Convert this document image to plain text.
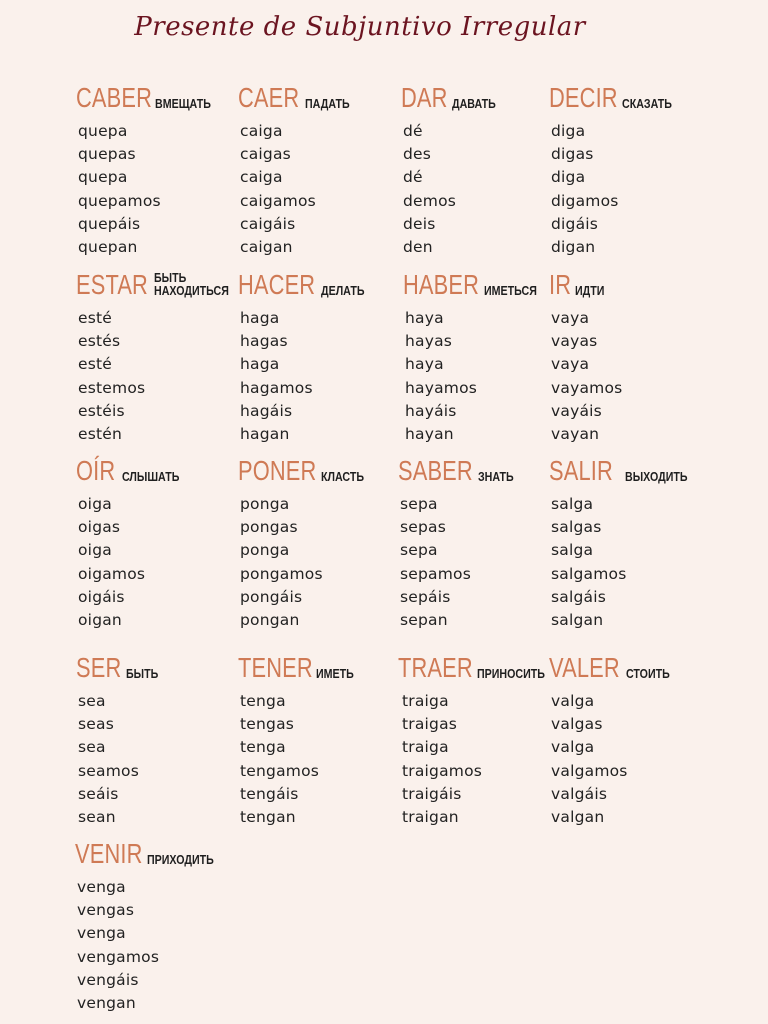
Presente de Subjuntivo Irregular
CABER ВМЕЩАТЬ
quepa
quepas
quepa
quepamos
quepáis
quepan
CAER ПАДАТЬ
caiga
caigas
caiga
caigamos
caigáis
caigan
DAR ДАВАТЬ
dé
des
dé
demos
deis
den
DECIR СКАЗАТЬ
diga
digas
diga
digamos
digáis
digan
ESTAR БЫТЬ
НАХОДИТЬСЯ
esté
estés
esté
estemos
estéis
estén
HACER ДЕЛАТЬ
haga
hagas
haga
hagamos
hagáis
hagan
HABER ИМЕТЬСЯ
haya
hayas
haya
hayamos
hayáis
hayan
IR ИДТИ
vaya
vayas
vaya
vayamos
vayáis
vayan
OÍR СЛЫШАТЬ
oiga
oigas
oiga
oigamos
oigáis
oigan
PONER КЛАСТЬ
ponga
pongas
ponga
pongamos
pongáis
pongan
SABER ЗНАТЬ
sepa
sepas
sepa
sepamos
sepáis
sepan
SALIR ВЫХОДИТЬ
salga
salgas
salga
salgamos
salgáis
salgan
SER БЫТЬ
sea
seas
sea
seamos
seáis
sean
TENER ИМЕТЬ
tenga
tengas
tenga
tengamos
tengáis
tengan
TRAER ПРИНОСИТЬ
traiga
traigas
traiga
traigamos
traigáis
traigan
VALER СТОИТЬ
valga
valgas
valga
valgamos
valgáis
valgan
VENIR ПРИХОДИТЬ
venga
vengas
venga
vengamos
vengáis
vengan
